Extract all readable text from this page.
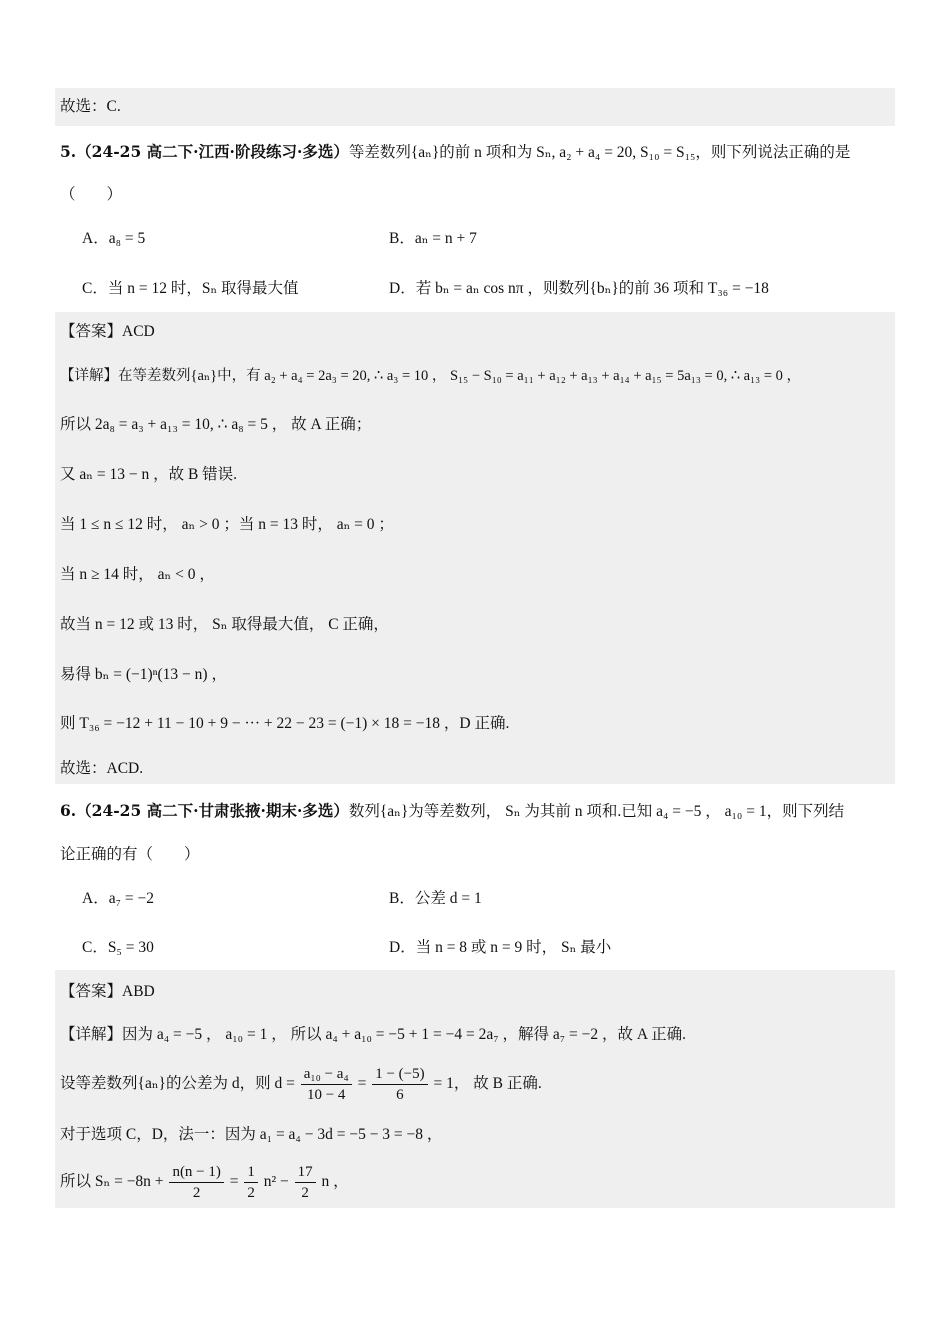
故选：C.
5.（24-25 高二下·江西·阶段练习·多选）等差数列{aₙ}的前 n 项和为 Sₙ, a₂ + a₄ = 20, S₁₀ = S₁₅，则下列说法正确的是
（　　）
A．a₈ = 5	B．aₙ = n + 7
C．当 n = 12 时，Sₙ 取得最大值	D．若 bₙ = aₙ cos nπ ，则数列{bₙ}的前 36 项和 T₃₆ = −18
【答案】ACD
【详解】在等差数列{aₙ}中，有 a₂ + a₄ = 2a₃ = 20, ∴ a₃ = 10 ， S₁₅ − S₁₀ = a₁₁ + a₁₂ + a₁₃ + a₁₄ + a₁₅ = 5a₁₃ = 0, ∴ a₁₃ = 0 ，
所以 2a₈ = a₃ + a₁₃ = 10, ∴ a₈ = 5 ， 故 A 正确；
又 aₙ = 13 − n ，故 B 错误.
当 1 ≤ n ≤ 12 时， aₙ > 0 ；当 n = 13 时， aₙ = 0 ；
当 n ≥ 14 时， aₙ < 0 ，
故当 n = 12 或 13 时， Sₙ 取得最大值， C 正确，
易得 bₙ = (−1)ⁿ(13 − n) ，
则 T₃₆ = −12 + 11 − 10 + 9 − ··· + 22 − 23 = (−1) × 18 = −18 ，D 正确.
故选：ACD.
6.（24-25 高二下·甘肃张掖·期末·多选）数列{aₙ}为等差数列， Sₙ 为其前 n 项和.已知 a₄ = −5 ， a₁₀ = 1，则下列结
论正确的有（　　）
A．a₇ = −2	B．公差 d = 1
C．S₅ = 30	D．当 n = 8 或 n = 9 时， Sₙ 最小
【答案】ABD
【详解】因为 a₄ = −5 ， a₁₀ = 1 ， 所以 a₄ + a₁₀ = −5 + 1 = −4 = 2a₇ ，解得 a₇ = −2 ，故 A 正确.
设等差数列{aₙ}的公差为 d，则 $d = \frac{\text{a₁₀ − a₄}}{10 - 4} = \frac{1 - (-5)}{6} = 1$， 故 B 正确.
对于选项 C，D，法一：因为 a₁ = a₄ − 3d = −5 − 3 = −8 ，
所以 $S_n = -8n + \frac{n(n - 1)}{2} = \frac{1}{2} n^2 - \frac{17}{2}$ n ，
